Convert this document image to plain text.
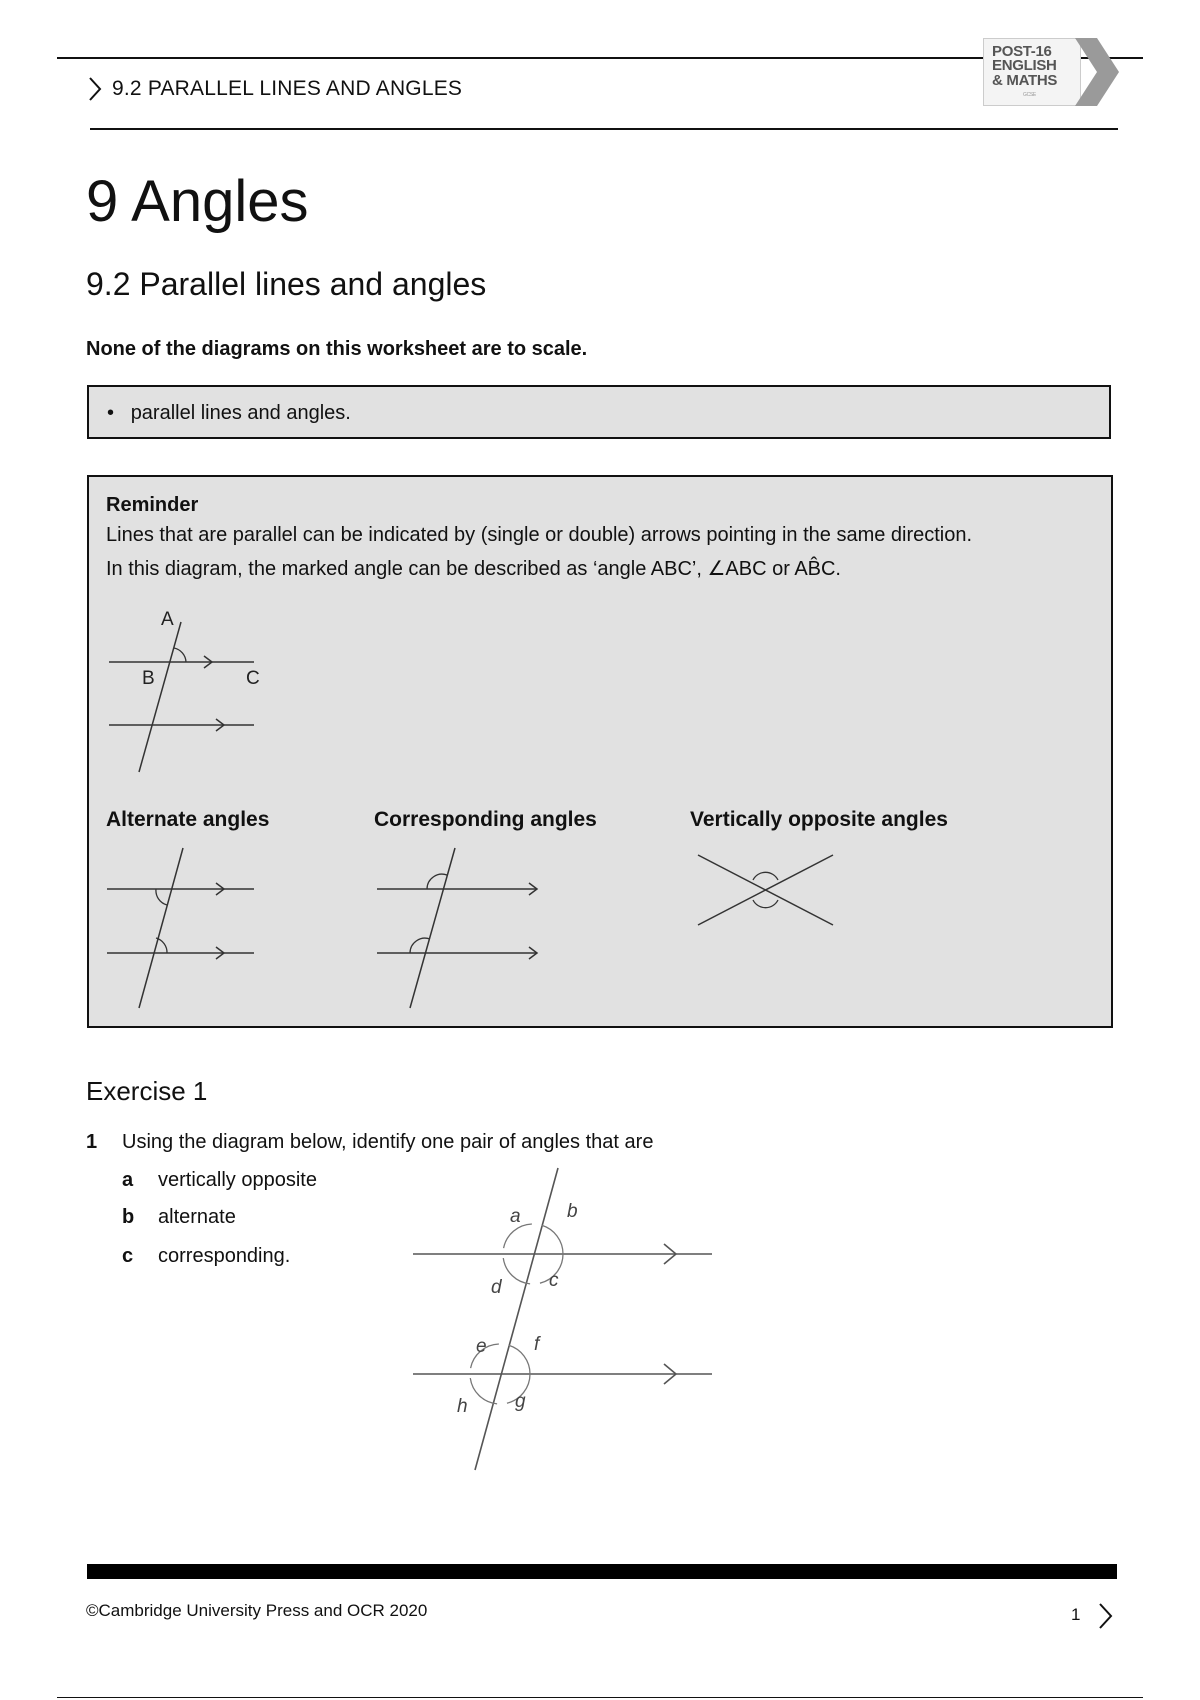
9.2 PARALLEL LINES AND ANGLES
POST-16
ENGLISH
& MATHS
GCSE
9 Angles
9.2 Parallel lines and angles
None of the diagrams on this worksheet are to scale.
• parallel lines and angles.
Reminder
Lines that are parallel can be indicated by (single or double) arrows pointing in the same direction.
In this diagram, the marked angle can be described as ‘angle ABC’, ∠ABC or AB̂C.
A
B	C
Alternate angles	Corresponding angles	Vertically opposite angles
Exercise 1
1 Using the diagram below, identify one pair of angles that are
a vertically opposite
b alternate
c corresponding.
a b
c
d
e f
g
h
©Cambridge University Press and OCR 2020	1
